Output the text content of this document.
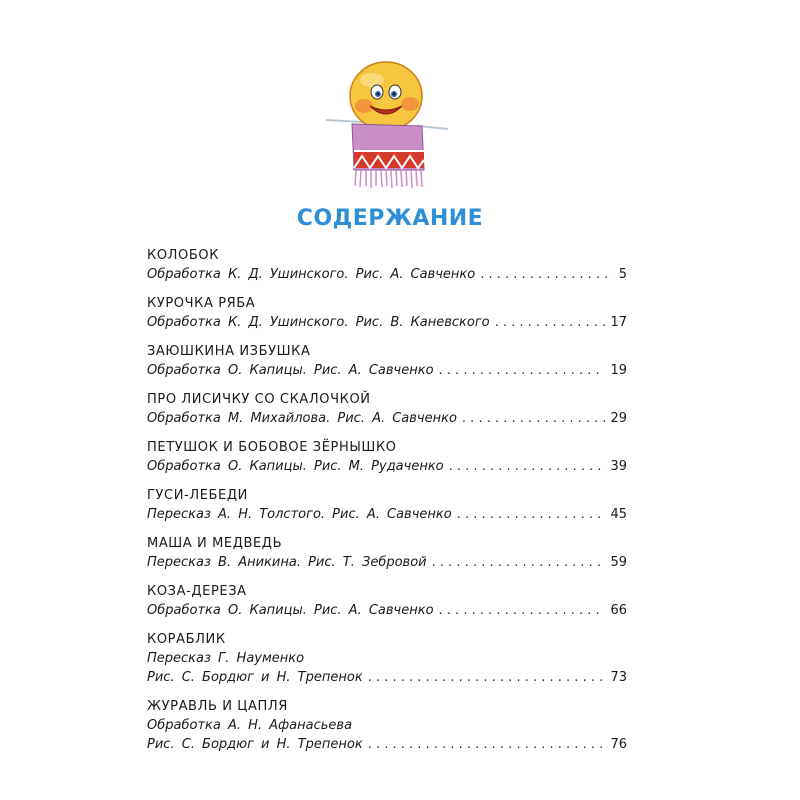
СОДЕРЖАНИЕ
КОЛОБОК
Обработка К. Д. Ушинского. Рис. А. Савченко . . .	5
КУРОЧКА РЯБА
Обработка К. Д. Ушинского. Рис. В. Каневского . . .	17
ЗАЮШКИНА ИЗБУШКА
Обработка О. Капицы. Рис. А. Савченко . . .	19
ПРО ЛИСИЧКУ СО СКАЛОЧКОЙ
Обработка М. Михайлова. Рис. А. Савченко . . .	29
ПЕТУШОК И БОБОВОЕ ЗЁРНЫШКО
Обработка О. Капицы. Рис. М. Рудаченко . . .	39
ГУСИ-ЛЕБЕДИ
Пересказ А. Н. Толстого. Рис. А. Савченко . . .	45
МАША И МЕДВЕДЬ
Пересказ В. Аникина. Рис. Т. Зебровой . . .	59
КОЗА-ДЕРЕЗА
Обработка О. Капицы. Рис. А. Савченко . . .	66
КОРАБЛИК
Пересказ Г. Науменко
Рис. С. Бордюг и Н. Трепенок . . .	73
ЖУРАВЛЬ И ЦАПЛЯ
Обработка А. Н. Афанасьева
Рис. С. Бордюг и Н. Трепенок . . .	76
